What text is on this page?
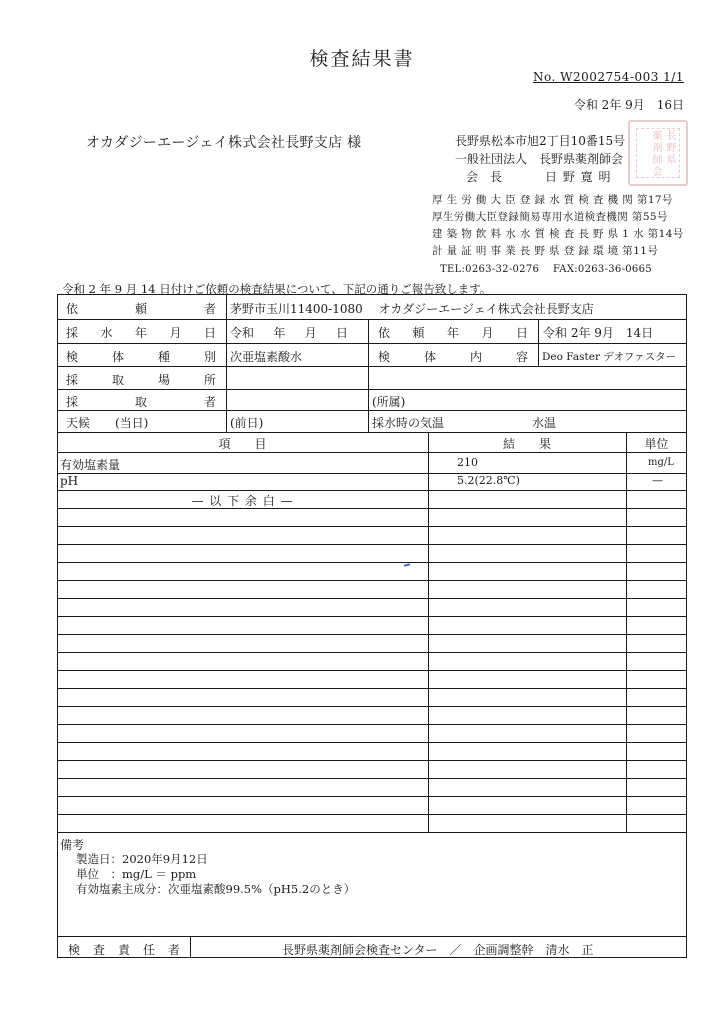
検査結果書
No. W2002754-003 1/1
令和 2年 9月　16日
オカダジーエージェイ株式会社長野支店 様	長野県松本市旭2丁目10番15号
一般社団法人　長野県薬剤師会
会　長	日 野 寛 明
長
野
県
薬
剤
師
会
厚 生 労 働 大 臣 登 録 水 質 検 査 機 関 第17号
厚生労働大臣登録簡易専用水道検査機関 第55号
建 築 物 飲 料 水 水 質 検 査 長 野 県 1 水 第14号
計 量 証 明 事 業 長 野 県 登 録 環 境 第11号
TEL:0263-32-0276　 FAX:0263-36-0665
令和 2 年 9 月 14 日付けご依頼の検査結果について、下記の通りご報告致します。
依	頼	者 茅野市玉川11400-1080　 オカダジーエージェイ株式会社長野支店
採 水 年 月 日 令和 年 月 日	依 頼 年 月 日 令和 2年 9月　14日
検	体	種	別 次亜塩素酸水	検	体	内	容 Deo Faster デオファスター
採	取	場	所
採	取	者	(所属)
天候 (当日)	(前日)	採水時の気温	水温
項　　目	結　　果	単位
有効塩素量	210	mg/L
pH	5.2(22.8℃)	—
— 以 下 余 白 —
備考
製造日：2020年9月12日
単位　：mg/L ＝ ppm
有効塩素主成分：次亜塩素酸99.5%（pH5.2のとき）
検 査 責 任 者	長野県薬剤師会検査センター　／　企画調整幹　清水　正
